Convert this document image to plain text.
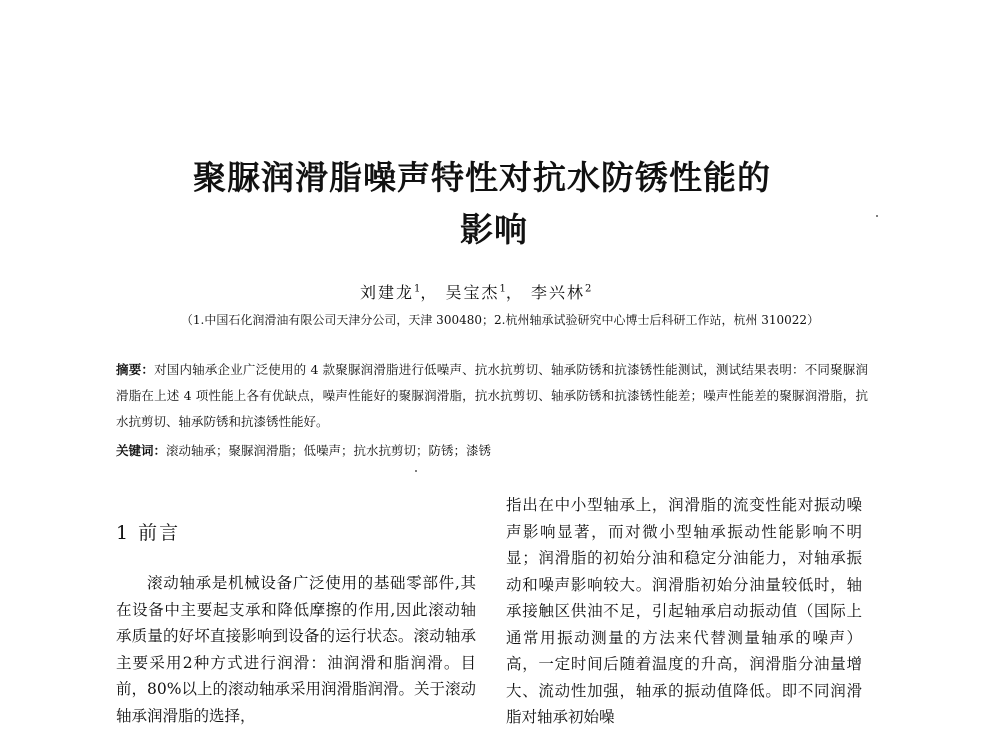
聚脲润滑脂噪声特性对抗水防锈性能的
影响
刘建龙$^1$， 吴宝杰$^1$， 李兴林$^2$
（1.中国石化润滑油有限公司天津分公司，天津 300480；2.杭州轴承试验研究中心博士后科研工作站，杭州 310022）
摘要：对国内轴承企业广泛使用的 4 款聚脲润滑脂进行低噪声、抗水抗剪切、轴承防锈和抗漆锈性能测试，测试结果表明：不同聚脲润滑脂在上述 4 项性能上各有优缺点，噪声性能好的聚脲润滑脂，抗水抗剪切、轴承防锈和抗漆锈性能差；噪声性能差的聚脲润滑脂，抗水抗剪切、轴承防锈和抗漆锈性能好。
关键词：滚动轴承；聚脲润滑脂；低噪声；抗水抗剪切；防锈；漆锈
1 前言

滚动轴承是机械设备广泛使用的基础零部件,其在设备中主要起支承和降低摩擦的作用,因此滚动轴承质量的好坏直接影响到设备的运行状态。滚动轴承主要采用2种方式进行润滑：油润滑和脂润滑。目前，80%以上的滚动轴承采用润滑脂润滑。关于滚动轴承润滑脂的选择，

指出在中小型轴承上，润滑脂的流变性能对振动噪声影响显著，而对微小型轴承振动性能影响不明显；润滑脂的初始分油和稳定分油能力，对轴承振动和噪声影响较大。润滑脂初始分油量较低时，轴承接触区供油不足，引起轴承启动振动值（国际上通常用振动测量的方法来代替测量轴承的噪声）高，一定时间后随着温度的升高，润滑脂分油量增大、流动性加强，轴承的振动值降低。即不同润滑脂对轴承初始噪
